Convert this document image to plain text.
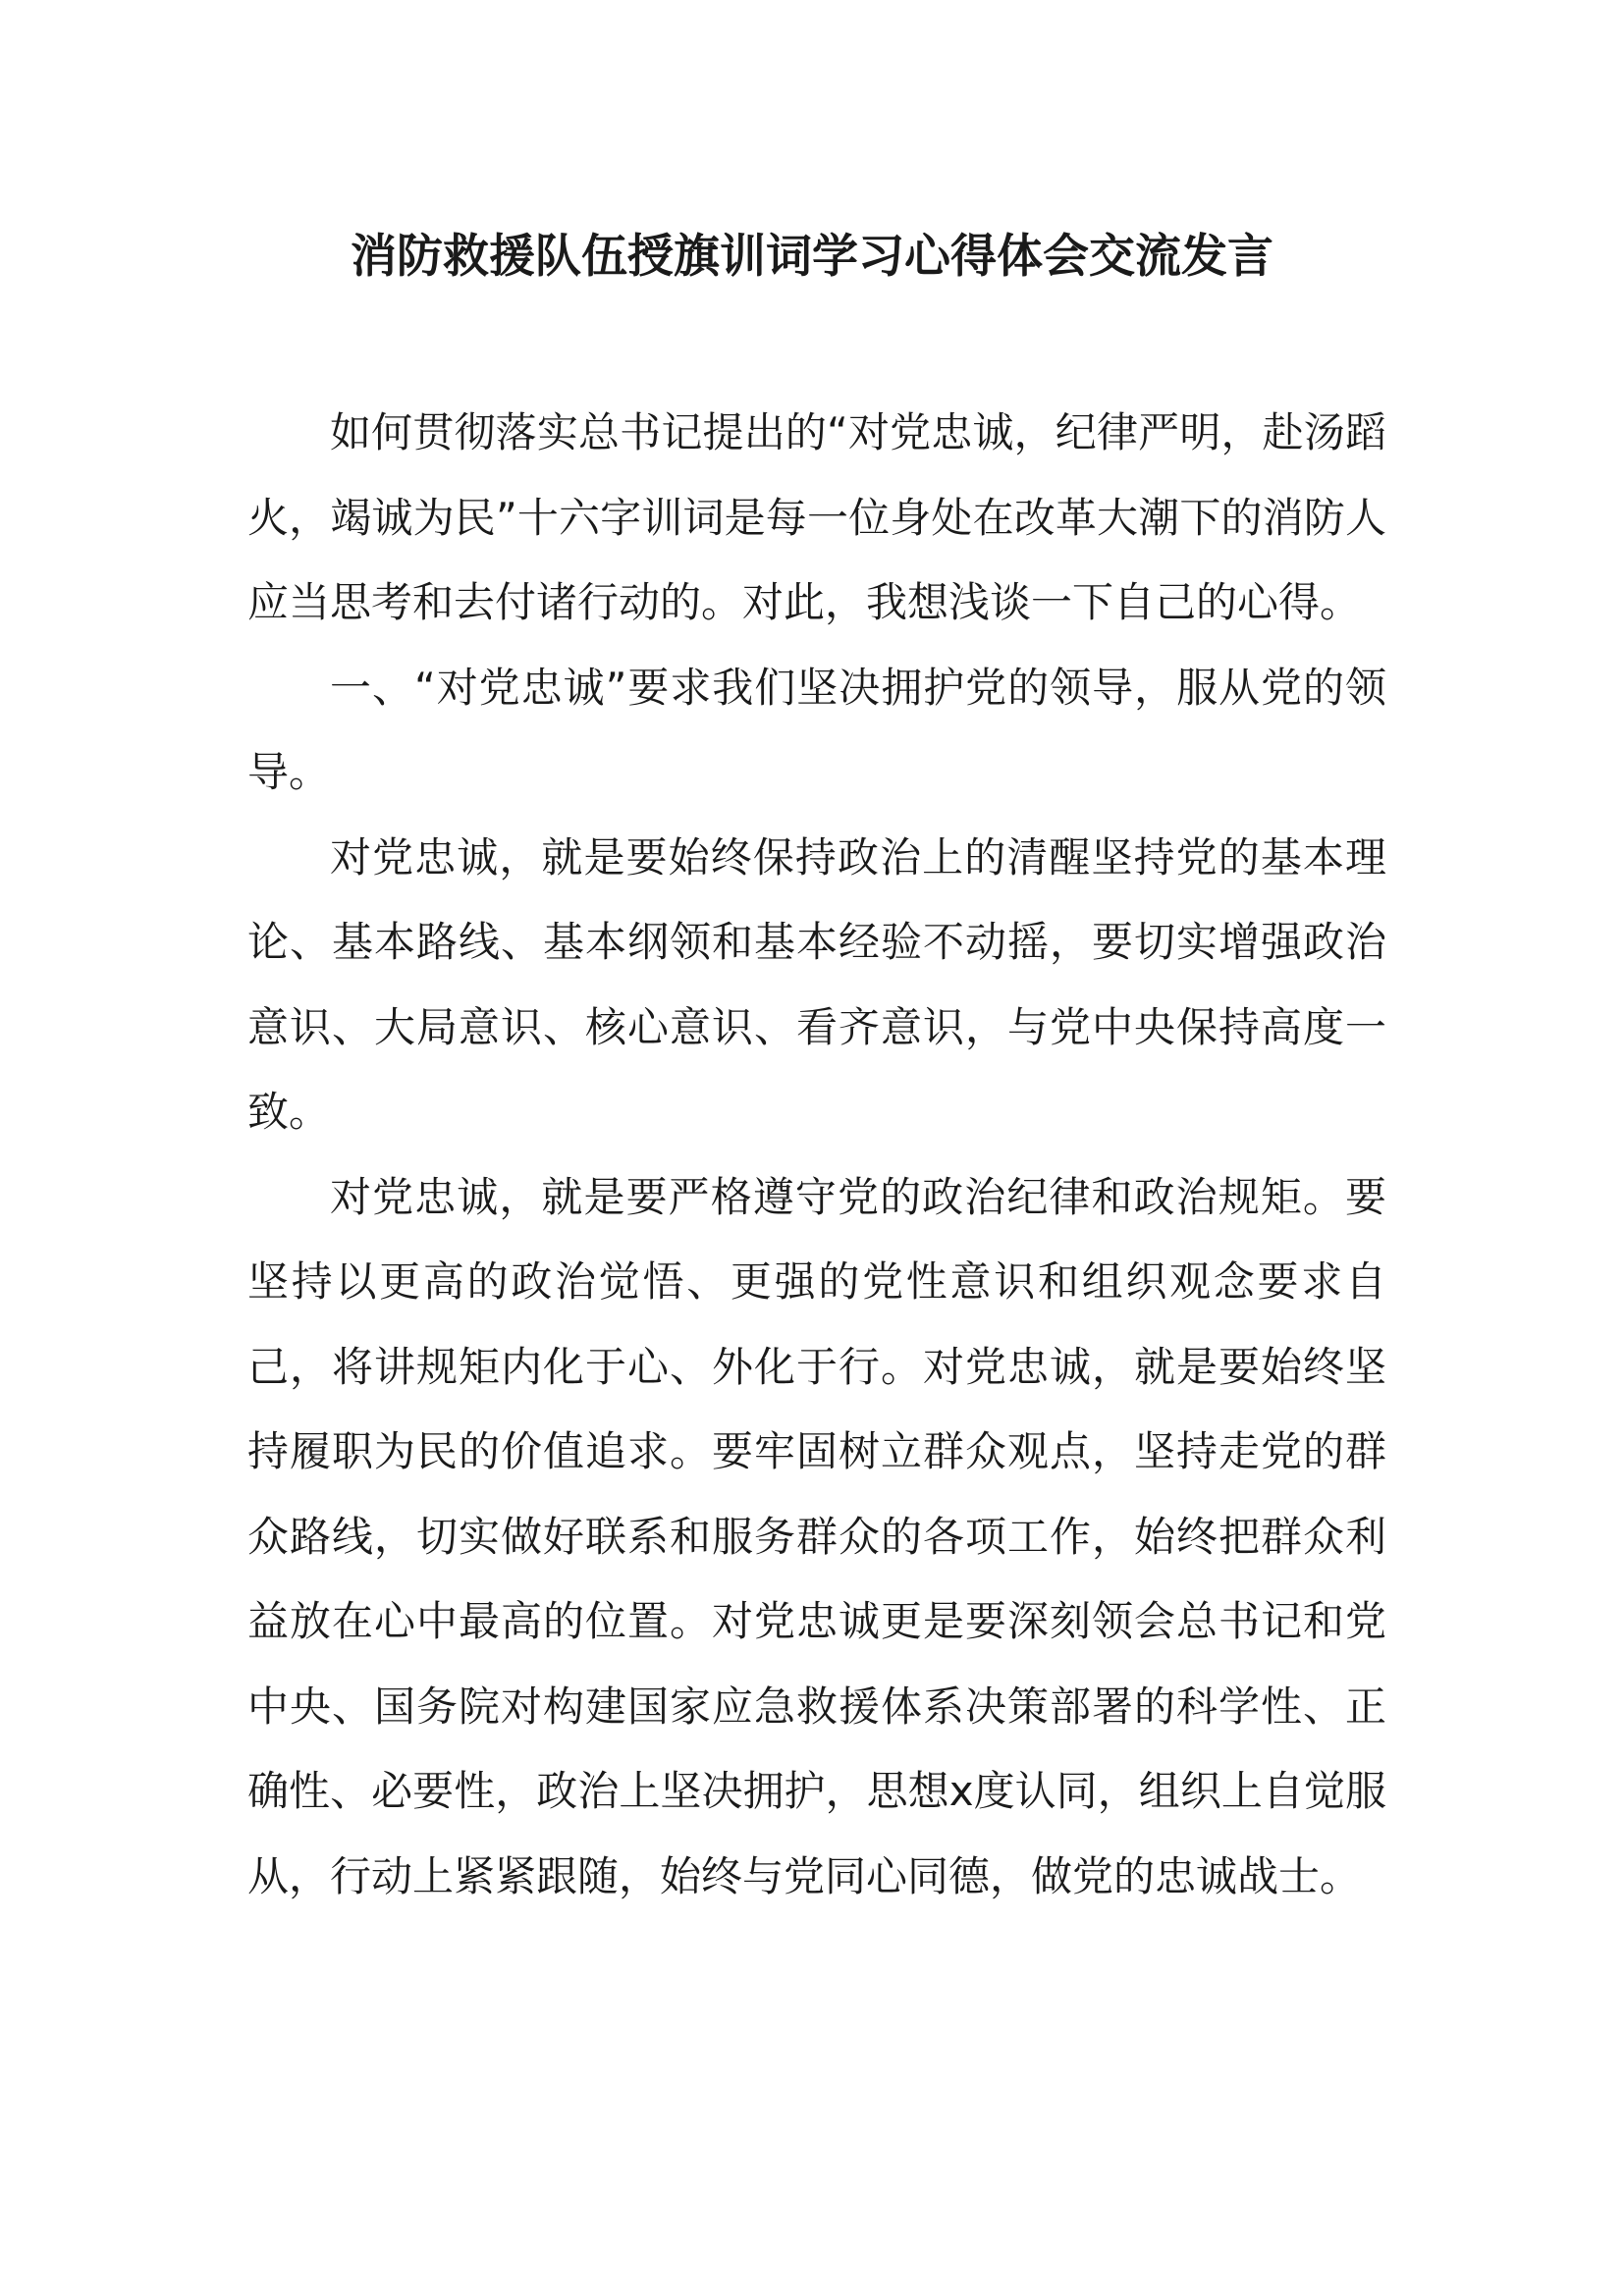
消防救援队伍授旗训词学习心得体会交流发言

如何贯彻落实总书记提出的“对党忠诚，纪律严明，赴汤蹈火，竭诚为民”十六字训词是每一位身处在改革大潮下的消防人应当思考和去付诸行动的。对此，我想浅谈一下自己的心得。

一、“对党忠诚”要求我们坚决拥护党的领导，服从党的领导。

对党忠诚，就是要始终保持政治上的清醒坚持党的基本理论、基本路线、基本纲领和基本经验不动摇，要切实增强政治意识、大局意识、核心意识、看齐意识，与党中央保持高度一致。

对党忠诚，就是要严格遵守党的政治纪律和政治规矩。要坚持以更高的政治觉悟、更强的党性意识和组织观念要求自己，将讲规矩内化于心、外化于行。对党忠诚，就是要始终坚持履职为民的价值追求。要牢固树立群众观点，坚持走党的群众路线，切实做好联系和服务群众的各项工作，始终把群众利益放在心中最高的位置。对党忠诚更是要深刻领会总书记和党中央、国务院对构建国家应急救援体系决策部署的科学性、正确性、必要性，政治上坚决拥护，思想x度认同，组织上自觉服从，行动上紧紧跟随，始终与党同心同德，做党的忠诚战士。
